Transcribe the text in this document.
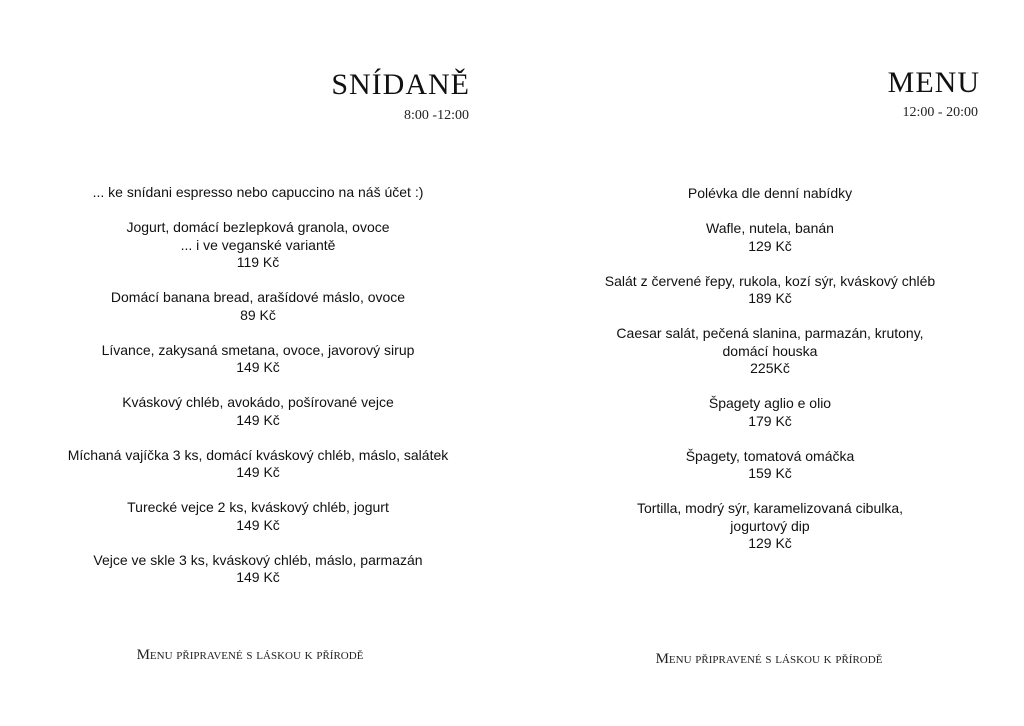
SNÍDANĚ
8:00 -12:00
... ke snídani espresso nebo capuccino na náš účet :)
Jogurt, domácí bezlepková granola, ovoce
... i ve veganské variantě
119 Kč
Domácí banana bread, arašídové máslo, ovoce
89 Kč
Lívance, zakysaná smetana, ovoce, javorový sirup
149 Kč
Kváskový chléb, avokádo, pošírované vejce
149 Kč
Míchaná vajíčka 3 ks, domácí kváskový chléb, máslo, salátek
149 Kč
Turecké vejce 2 ks, kváskový chléb, jogurt
149 Kč
Vejce ve skle 3 ks, kváskový chléb, máslo, parmazán
149 Kč
Menu připravené s láskou k přírodě
MENU
12:00 - 20:00
Polévka dle denní nabídky
Wafle, nutela, banán
129 Kč
Salát z červené řepy, rukola, kozí sýr, kváskový chléb
189 Kč
Caesar salát, pečená slanina, parmazán, krutony,
domácí houska
225Kč
Špagety aglio e olio
179 Kč
Špagety, tomatová omáčka
159 Kč
Tortilla, modrý sýr, karamelizovaná cibulka,
jogurtový dip
129 Kč
Menu připravené s láskou k přírodě
